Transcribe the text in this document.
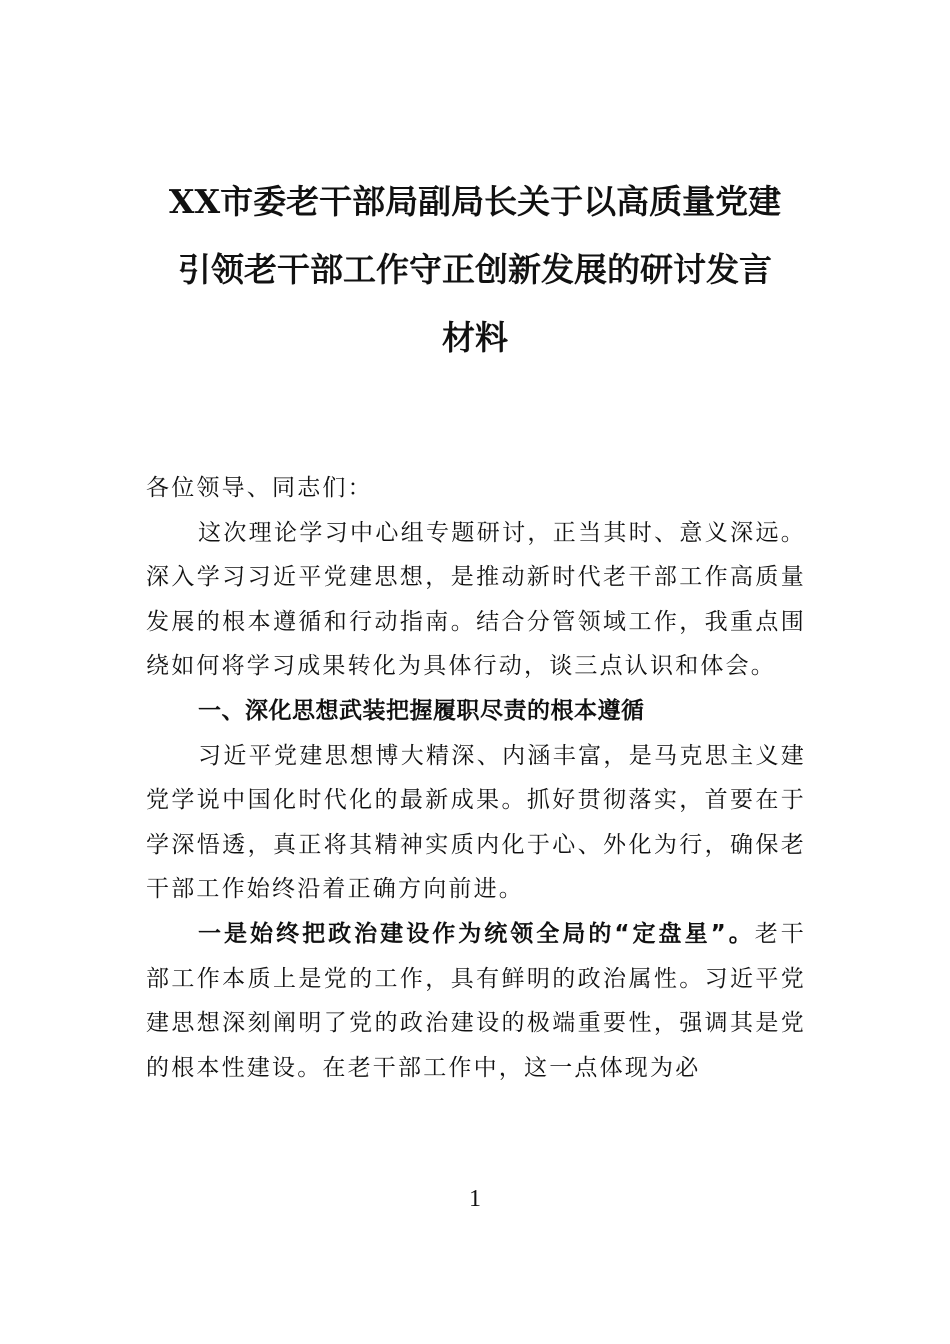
XX市委老干部局副局长关于以高质量党建
引领老干部工作守正创新发展的研讨发言
材料

各位领导、同志们：

这次理论学习中心组专题研讨，正当其时、意义深远。深入学习习近平党建思想，是推动新时代老干部工作高质量发展的根本遵循和行动指南。结合分管领域工作，我重点围绕如何将学习成果转化为具体行动，谈三点认识和体会。

一、深化思想武装把握履职尽责的根本遵循

习近平党建思想博大精深、内涵丰富，是马克思主义建党学说中国化时代化的最新成果。抓好贯彻落实，首要在于学深悟透，真正将其精神实质内化于心、外化为行，确保老干部工作始终沿着正确方向前进。

一是始终把政治建设作为统领全局的“定盘星”。老干部工作本质上是党的工作，具有鲜明的政治属性。习近平党建思想深刻阐明了党的政治建设的极端重要性，强调其是党的根本性建设。在老干部工作中，这一点体现为必

1
